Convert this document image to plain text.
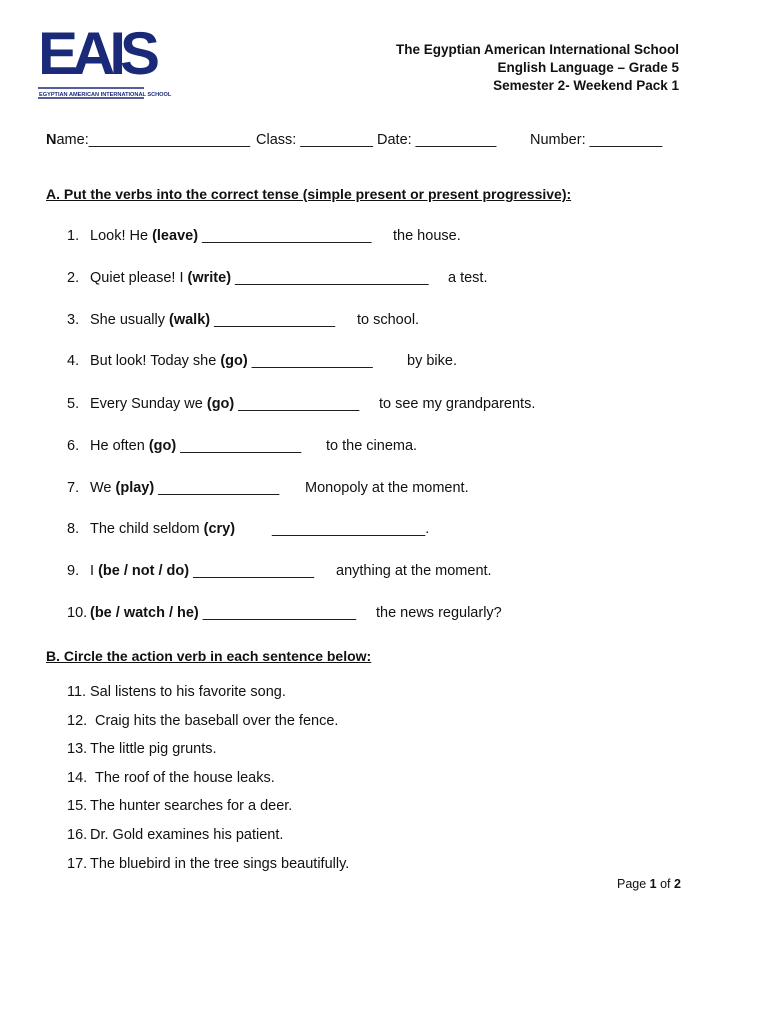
EAIS
EGYPTIAN AMERICAN INTERNATIONAL SCHOOL
The Egyptian American International School
English Language – Grade 5
Semester 2- Weekend Pack 1
Name:____________________ Class: _________ Date: __________ Number: _________
A. Put the verbs into the correct tense (simple present or present progressive):
1. Look! He (leave) _____________________ the house.
2. Quiet please! I (write) ________________________ a test.
3. She usually (walk) _______________ to school.
4. But look! Today she (go) _______________ by bike.
5. Every Sunday we (go) _______________ to see my grandparents.
6. He often (go) _______________ to the cinema.
7. We (play) _______________ Monopoly at the moment.
8. The child seldom (cry)	___________________.
9. I (be / not / do) _______________ anything at the moment.
10. (be / watch / he) ___________________ the news regularly?
B. Circle the action verb in each sentence below:
11. Sal listens to his favorite song.
12. Craig hits the baseball over the fence.
13. The little pig grunts.
14. The roof of the house leaks.
15. The hunter searches for a deer.
16. Dr. Gold examines his patient.
17. The bluebird in the tree sings beautifully.
Page 1 of 2
